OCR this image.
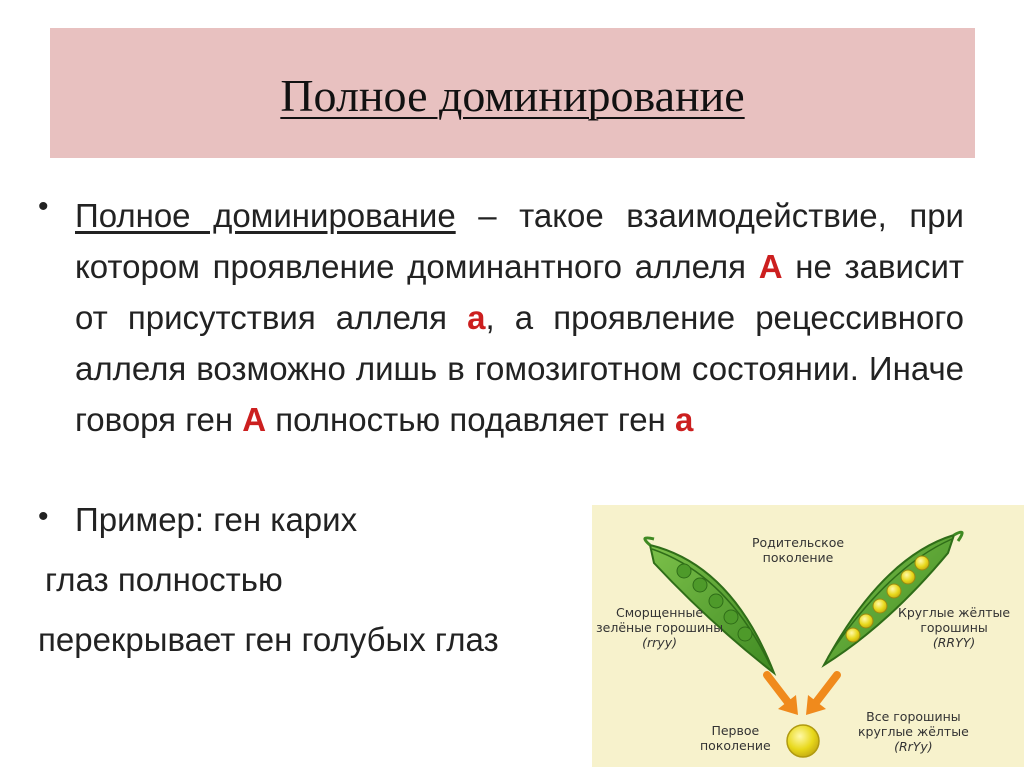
Полное доминирование
• Полное доминирование – такое взаимодействие, при котором проявление доминантного аллеля А не зависит от присутствия аллеля а, а проявление рецессивного аллеля возможно лишь в гомозиготном состоянии. Иначе говоря ген А полностью подавляет ген а

• Пример: ген карих
глаз полностью
перекрывает ген голубых глаз
Родительское
поколение
Сморщенные
зелёные горошины
(rryy)
Круглые жёлтые
горошины
(RRYY)
Первое
поколение
Все горошины
круглые жёлтые
(RrYy)
